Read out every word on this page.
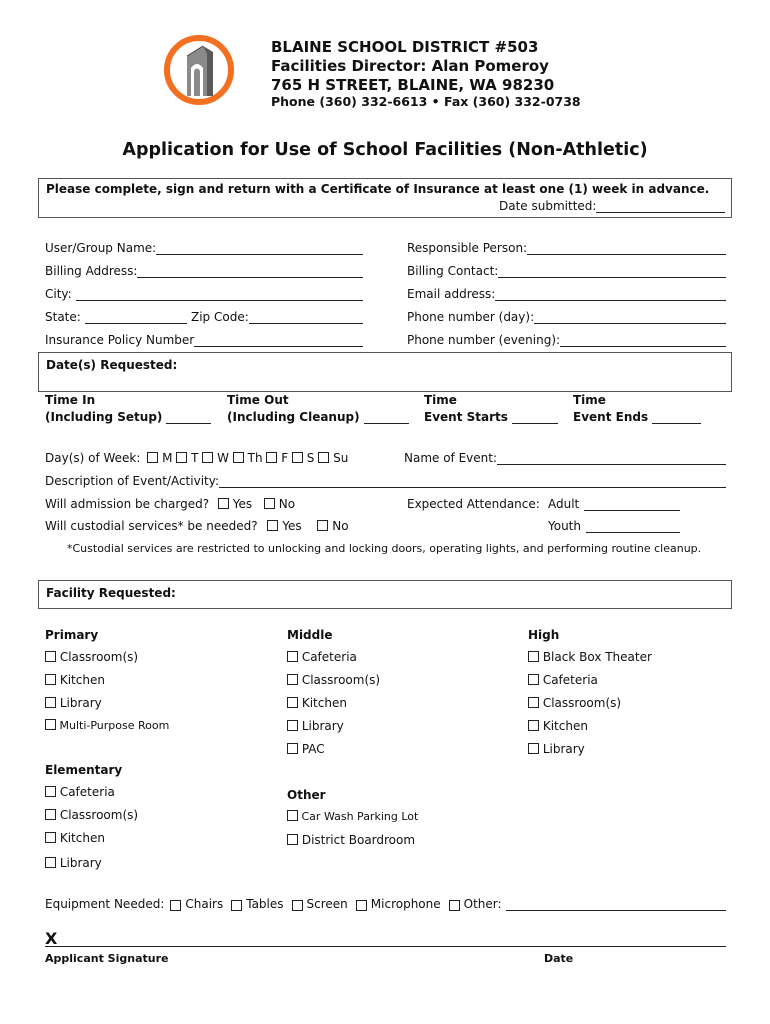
BLAINE SCHOOL DISTRICT #503
Facilities Director: Alan Pomeroy
765 H STREET, BLAINE, WA 98230
Phone (360) 332-6613 • Fax (360) 332-0738
Application for Use of School Facilities (Non-Athletic)
Please complete, sign and return with a Certificate of Insurance at least one (1) week in advance.
Date submitted:
User/Group Name:	Responsible Person:
Billing Address:	Billing Contact:
City:	Email address:
State:	Zip Code:	Phone number (day):
Insurance Policy Number	Phone number (evening):
Date(s) Requested:
Time In
(Including Setup)
Time Out
(Including Cleanup)
Time
Event Starts
Time
Event Ends
Day(s) of Week: M T W Th F S Su	Name of Event:
Description of Event/Activity:
Will admission be charged? Yes No	Expected Attendance: Adult
Will custodial services* be needed? Yes	No	Youth
*Custodial services are restricted to unlocking and locking doors, operating lights, and performing routine cleanup.
Facility Requested:
Primary
Classroom(s)
Kitchen
Library
Multi-Purpose Room
Middle
Cafeteria
Classroom(s)
Kitchen
Library
PAC
High
Black Box Theater
Cafeteria
Classroom(s)
Kitchen
Library
Elementary
Cafeteria
Classroom(s)
Kitchen
Library
Other
Car Wash Parking Lot
District Boardroom
Equipment Needed: Chairs Tables Screen Microphone Other:
X
Applicant Signature	Date
